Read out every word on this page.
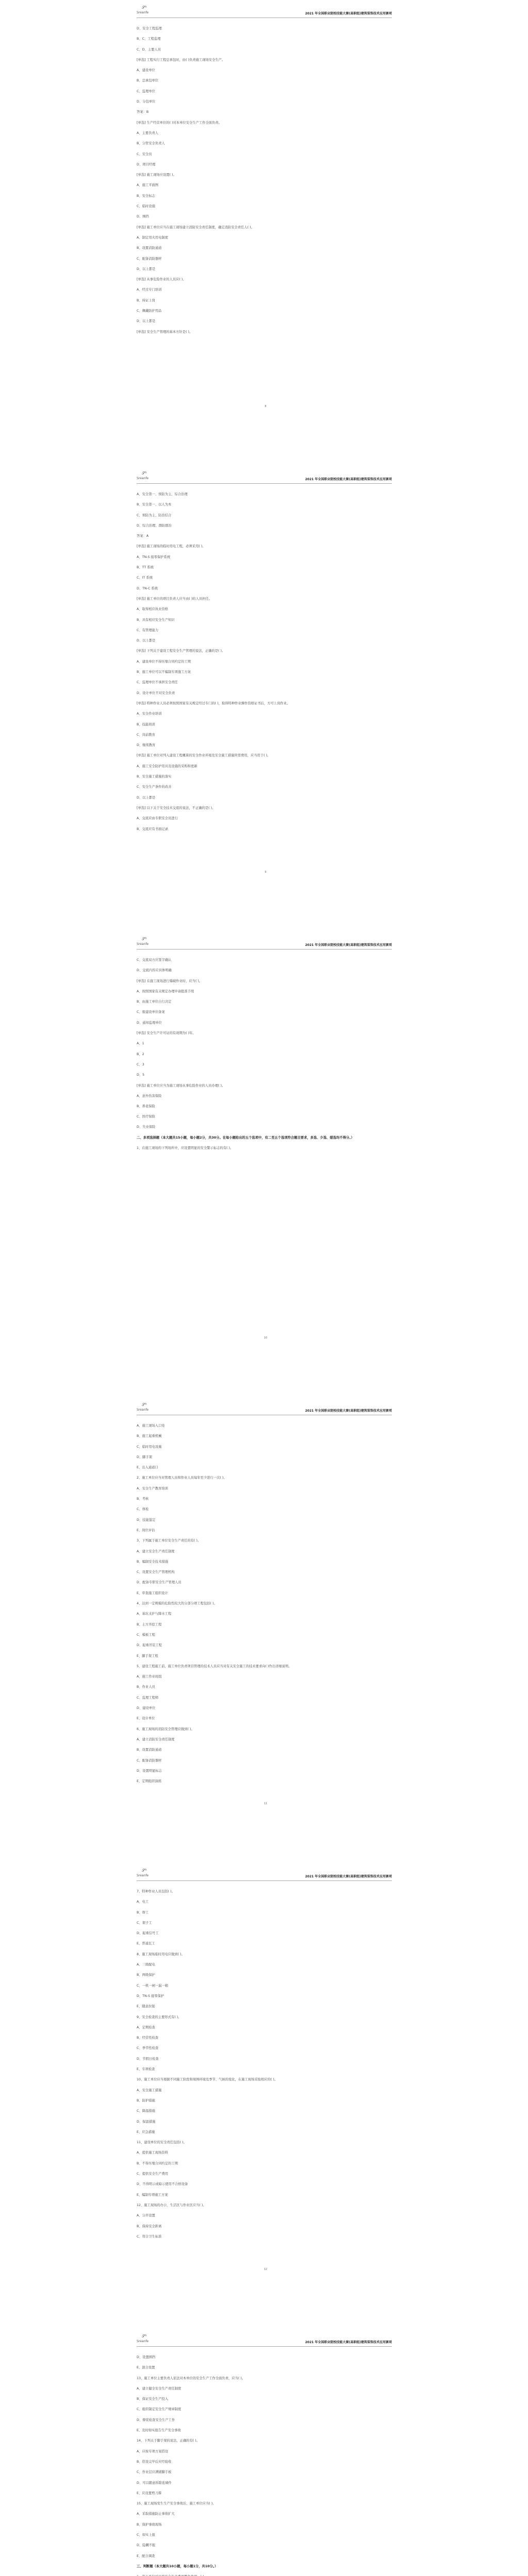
𝒮⁰
Sreanfe	2021 年全国职业院校技能大赛(高职组)建筑装饰技术应用赛项
D、安全工程监理
B、C、工程监理
C、D、主要人员
[单选] 工程实行工程总承包时，由( )负责施工现场安全生产。
A、建设单位
B、总承包单位
C、监理单位
D、分包单位
答案：B
[单选] 生产经营单位的( )对本单位安全生产工作全面负责。
A、主要负责人
B、分管安全负责人
C、安全员
D、项目经理
[单选] 施工现场应设置( )。
A、施工平面图
B、安全标志
C、临时设施
D、围挡
[单选] 施工单位应当在施工现场建立消防安全责任制度，确定消防安全责任人( )。
A、制定用火用电制度
B、设置消防通道
C、配备消防器材
D、以上都是
[单选] 从事危险作业的人员应( )。
A、经过专门培训
B、持证上岗
C、佩戴防护用品
D、以上都是
[单选] 安全生产管理的基本方针是( )。
8
𝒮⁰
Sreanfe	2021 年全国职业院校技能大赛(高职组)建筑装饰技术应用赛项
A、安全第一、预防为主、综合治理
B、安全第一、以人为本
C、预防为主、防治结合
D、综合治理、群防群治
答案：A
[单选] 施工现场的临时用电工程，必须采用( )。
A、TN-S 接零保护系统
B、TT 系统
C、IT 系统
D、TN-C 系统
[单选] 施工单位的项目负责人应当由( )的人员担任。
A、取得相应执业资格
B、具有相应安全生产知识
C、有管理能力
D、以上都是
[单选] 下列关于建设工程安全生产管理的说法，正确的是( )。
A、建设单位不得压缩合同约定的工期
B、施工单位可以不编制专项施工方案
C、监理单位不承担安全责任
D、设计单位不对安全负责
[单选] 特种作业人员必须按照国家有关规定经过专门的( )，取得特种作业操作资格证书后，方可上岗作业。
A、安全作业培训
B、技能培训
C、岗前教育
D、继续教育
[单选] 施工单位对列入建设工程概算的安全作业环境及安全施工措施所需费用，应当用于( )。
A、施工安全防护用具及设施的采购和更新
B、安全施工措施的落实
C、安全生产条件的改善
D、以上都是
[单选] 以下关于安全技术交底的说法，不正确的是( )。
A、交底应由专职安全员进行
B、交底应有书面记录
9
𝒮⁰
Sreanfe	2021 年全国职业院校技能大赛(高职组)建筑装饰技术应用赛项
C、交底双方应签字确认
D、交底内容应具体明确
[单选] 在施工现场进行爆破作业时，应当( )。
A、按照国家有关规定办理申请批准手续
B、由施工单位自行决定
C、报建设单位备案
D、通知监理单位
[单选] 安全生产许可证的有效期为( )年。
A、1
B、2
C、3
D、5
[单选] 施工单位应当为施工现场从事危险作业的人员办理( )。
A、意外伤害保险
B、养老保险
C、医疗保险
D、失业保险
二、多项选择题（本大题共15小题，每小题2分，共30分。在每小题给出的五个选项中，有二至五个选项符合题目要求，多选、少选、错选均不得分。）
1、在施工现场的下列场所中，应设置明显的安全警示标志的有( )。
10
𝒮⁰
Sreanfe	2021 年全国职业院校技能大赛(高职组)建筑装饰技术应用赛项
A、施工现场入口处
B、施工起重机械
C、临时用电设施
D、脚手架
E、出入通道口
2、施工单位应当对管理人员和作业人员每年至少进行一次( )。
A、安全生产教育培训
B、考核
C、体检
D、技能鉴定
E、岗位评估
3、下列属于施工单位安全生产责任的有( )。
A、建立安全生产责任制度
B、编制安全技术措施
C、设置安全生产管理机构
D、配备专职安全生产管理人员
E、审查施工组织设计
4、达到一定规模的危险性较大的分部分项工程包括( )。
A、基坑支护与降水工程
B、土方开挖工程
C、模板工程
D、起重吊装工程
E、脚手架工程
5、建设工程施工前，施工单位负责项目管理的技术人员应当对有关安全施工的技术要求向( )作出详细说明。
A、施工作业班组
B、作业人员
C、监理工程师
D、建设单位
E、设计单位
6、施工现场的消防安全管理应做到( )。
A、建立消防安全责任制度
B、设置消防通道
C、配备消防器材
D、设置明显标志
E、定期组织演练
11
𝒮⁰
Sreanfe	2021 年全国职业院校技能大赛(高职组)建筑装饰技术应用赛项
7、特种作业人员包括( )。
A、电工
B、焊工
C、架子工
D、起重信号工
E、普通瓦工
8、施工现场临时用电应做到( )。
A、三级配电
B、两级保护
C、一机一闸一漏一箱
D、TN-S 接零保护
E、随意拉接
9、安全检查的主要形式有( )。
A、定期检查
B、经常性检查
C、季节性检查
D、节假日检查
E、专项检查
10、施工单位应当根据不同施工阶段和周围环境及季节、气候的变化，在施工现场采取相应的( )。
A、安全施工措施
B、防护措施
C、降温措施
D、保温措施
E、应急措施
11、建设单位的安全责任包括( )。
A、提供施工现场资料
B、不得压缩合同约定的工期
C、提供安全生产费用
D、不得明示或暗示使用不合格设备
E、编制专项施工方案
12、施工现场的办公、生活区与作业区应当( )。
A、分开设置
B、保持安全距离
C、符合卫生标准
12
𝒮⁰
Sreanfe	2021 年全国职业院校技能大赛(高职组)建筑装饰技术应用赛项
D、设置围挡
E、混合设置
13、施工单位主要负责人依法对本单位的安全生产工作全面负责，应当( )。
A、建立健全安全生产责任制度
B、保证安全生产投入
C、组织制定安全生产规章制度
D、督促检查安全生产工作
E、及时如实报告生产安全事故
14、下列关于脚手架的说法，正确的有( )。
A、应按专项方案搭设
B、搭设完毕后应经验收
C、作业层应满铺脚手板
D、可以随意拆除连墙件
E、应设置剪刀撑
15、施工现场发生生产安全事故后，施工单位应当( )。
A、采取措施防止事故扩大
B、保护事故现场
C、如实上报
D、隐瞒不报
E、配合调查
三、判断题（本大题共10小题，每小题1分，共10分。）
